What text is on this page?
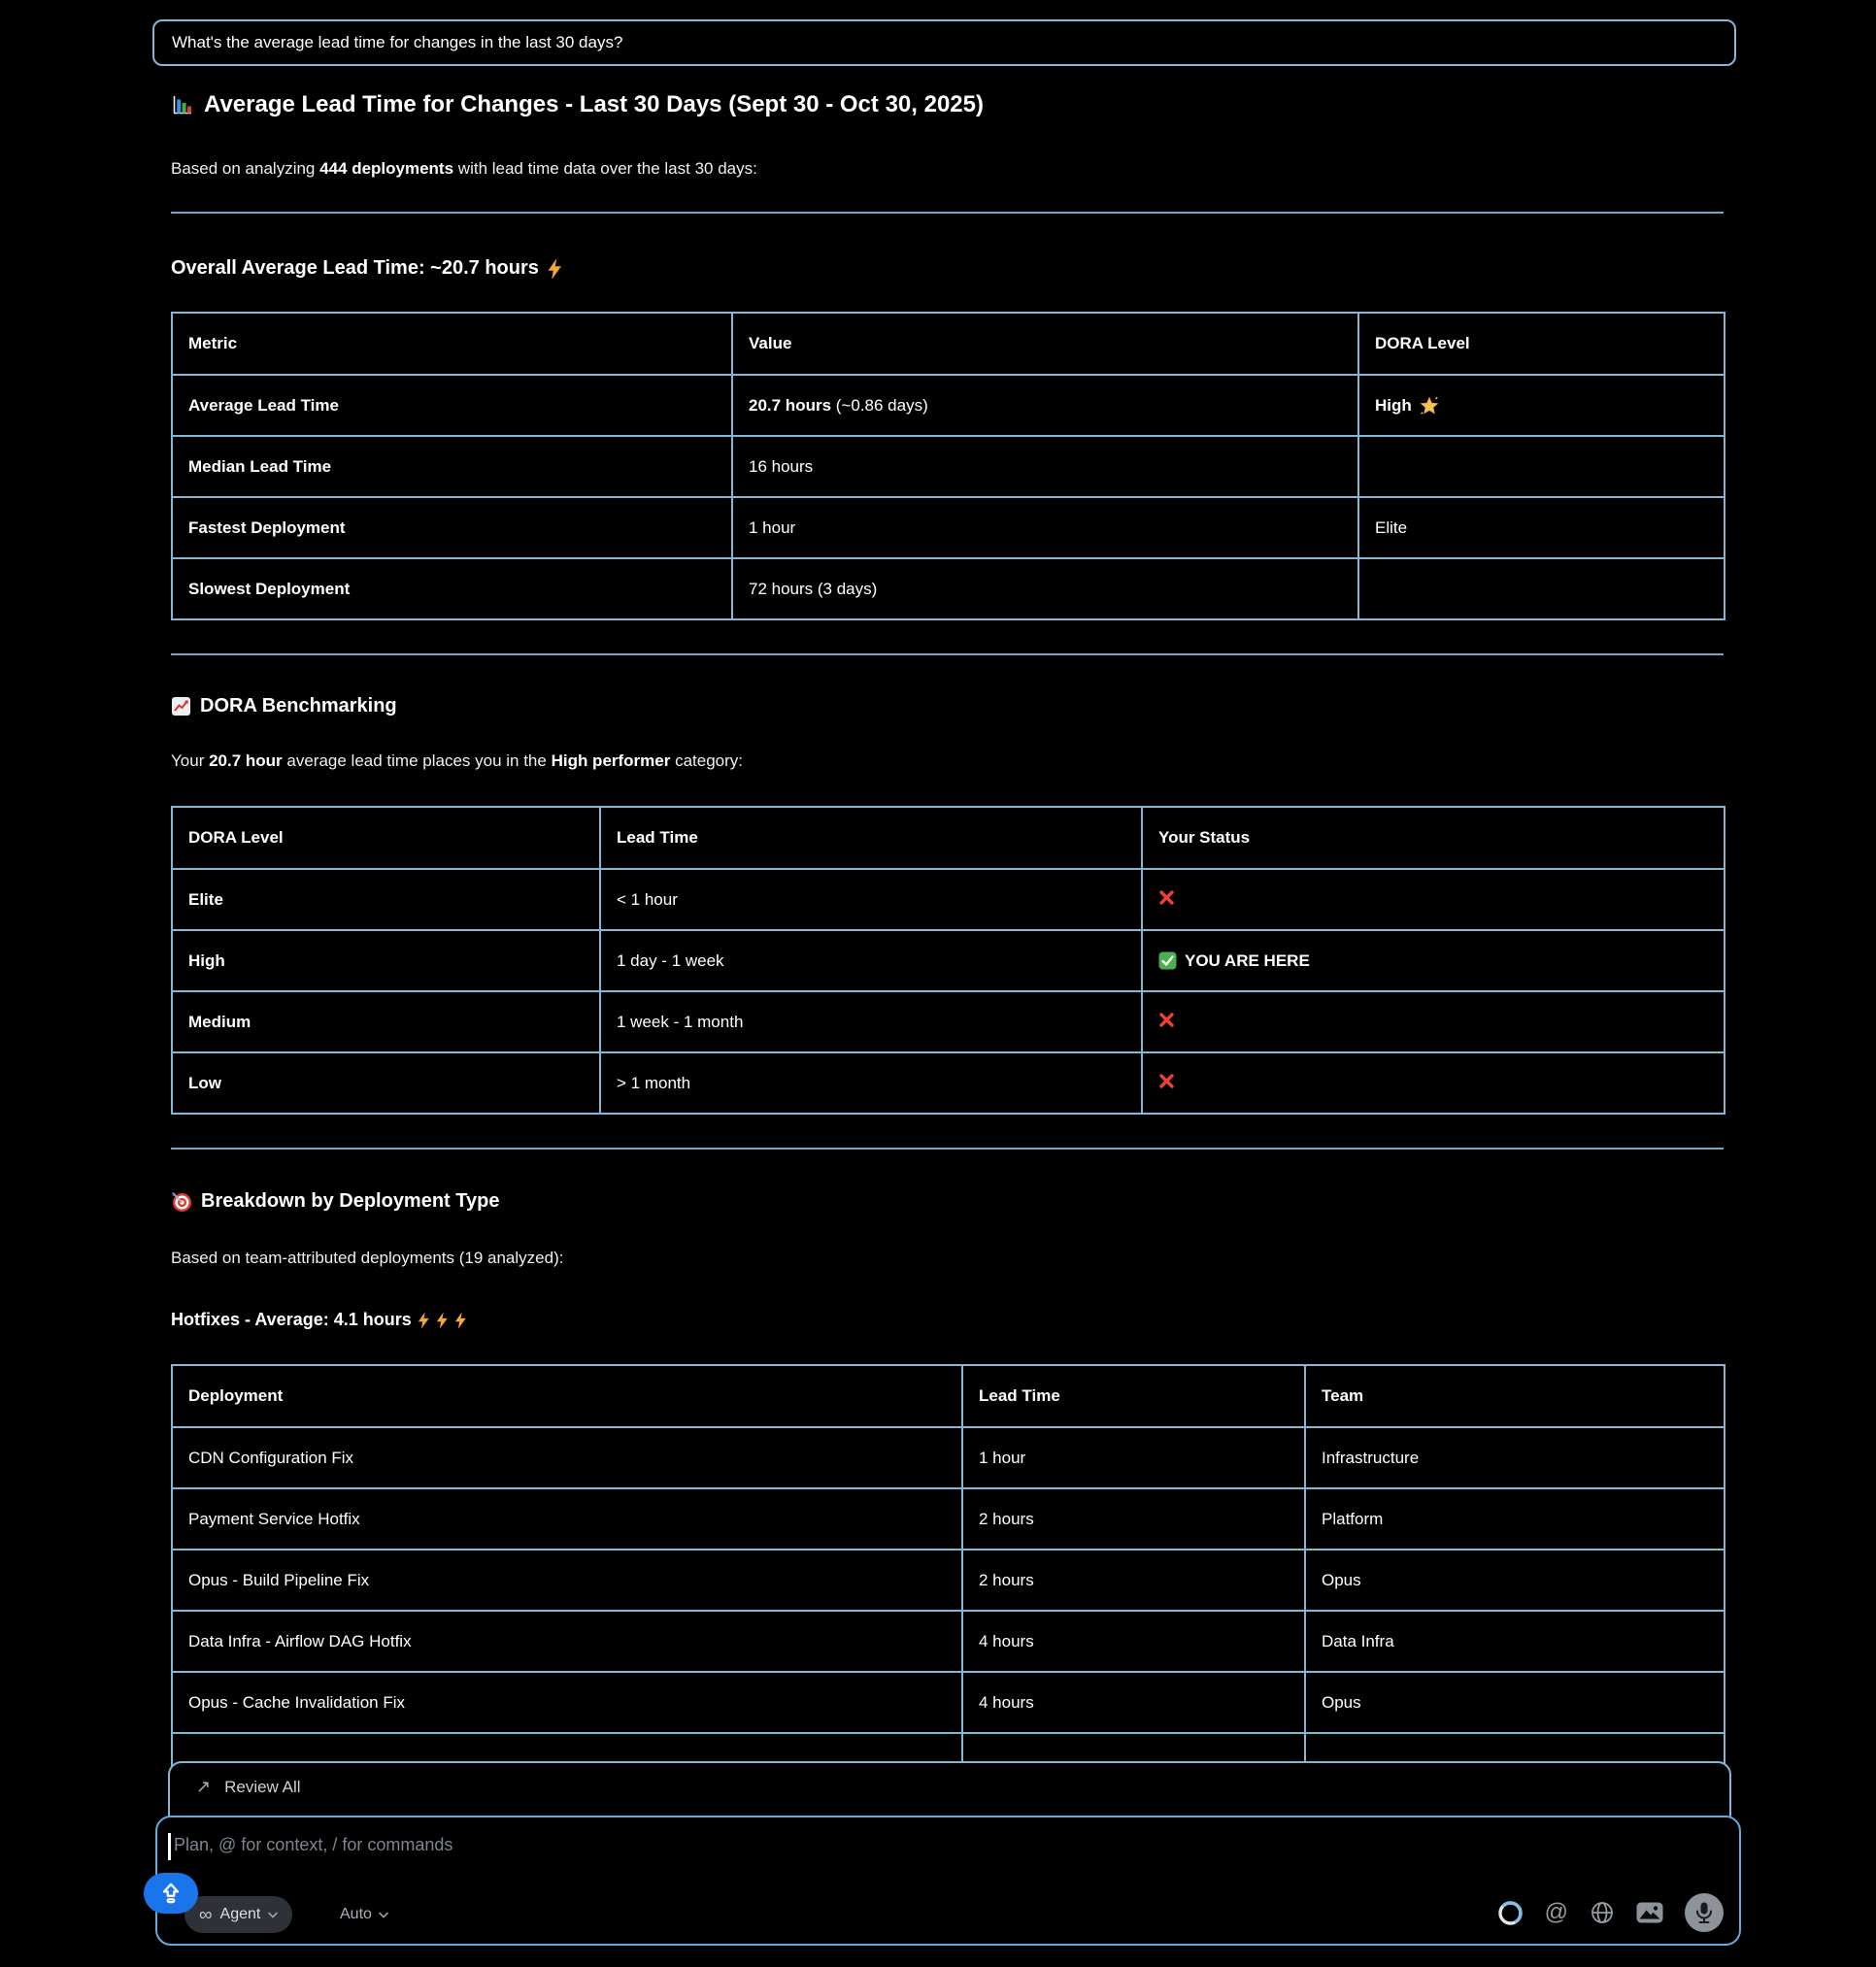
What's the average lead time for changes in the last 30 days?
Average Lead Time for Changes - Last 30 Days (Sept 30 - Oct 30, 2025)
Based on analyzing 444 deployments with lead time data over the last 30 days:
Overall Average Lead Time: ~20.7 hours
Metric	Value	DORA Level
Average Lead Time	20.7 hours (~0.86 days)	High

Median Lead Time	16 hours	
Fastest Deployment	1 hour	Elite
Slowest Deployment	72 hours (3 days)	
DORA Benchmarking
Your 20.7 hour average lead time places you in the High performer category:
DORA Level	Lead Time	Your Status
Elite	< 1 hour	

High	1 day - 1 week	YOU ARE HERE

Medium	1 week - 1 month	

Low	> 1 month	
Breakdown by Deployment Type
Based on team-attributed deployments (19 analyzed):
Hotfixes - Average: 4.1 hours
Deployment	Lead Time	Team
CDN Configuration Fix	1 hour	Infrastructure
Payment Service Hotfix	2 hours	Platform
Opus - Build Pipeline Fix	2 hours	Opus
Data Infra - Airflow DAG Hotfix	4 hours	Data Infra
Opus - Cache Invalidation Fix	4 hours	Opus

↗ Review All
Plan, @ for context, / for commands
∞ Agent	Auto	@
